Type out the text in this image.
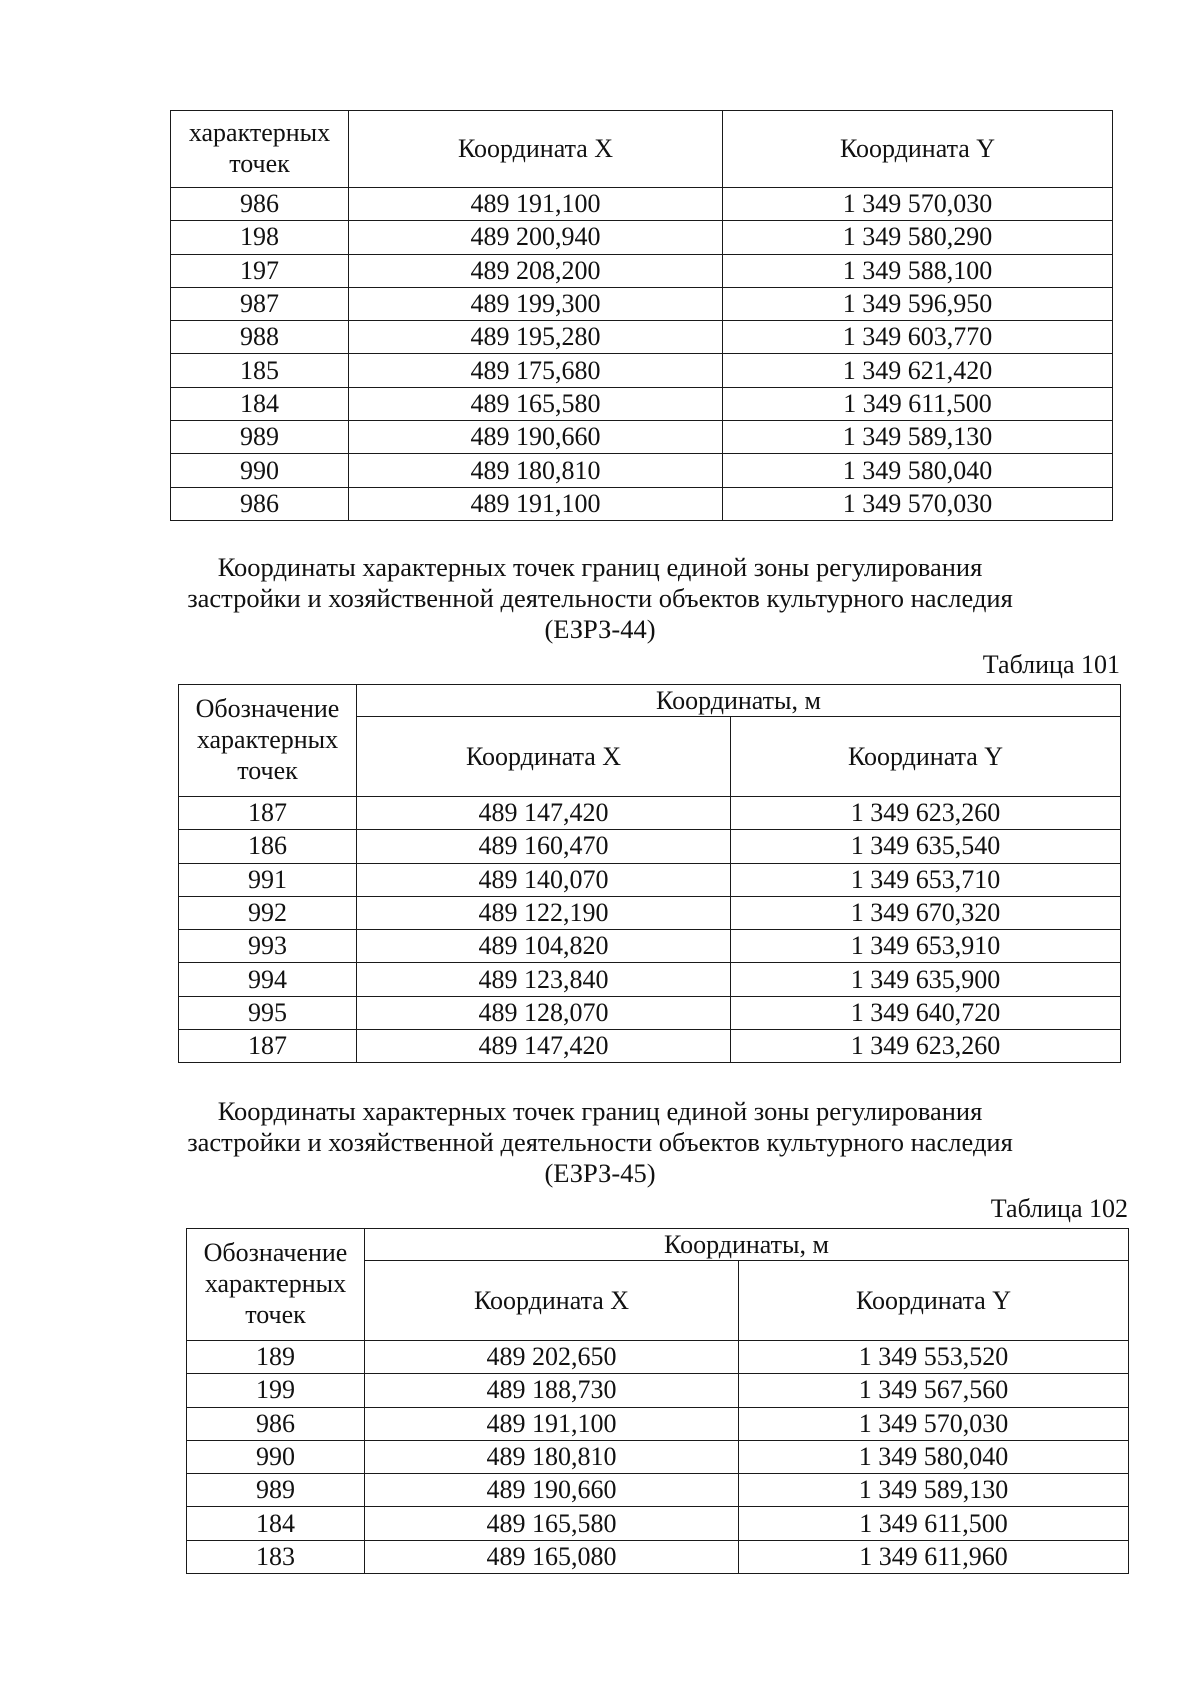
характерных
точек	Координата X	Координата Y
986	489 191,100	1 349 570,030
198	489 200,940	1 349 580,290
197	489 208,200	1 349 588,100
987	489 199,300	1 349 596,950
988	489 195,280	1 349 603,770
185	489 175,680	1 349 621,420
184	489 165,580	1 349 611,500
989	489 190,660	1 349 589,130
990	489 180,810	1 349 580,040
986	489 191,100	1 349 570,030
Координаты характерных точек границ единой зоны регулирования
застройки и хозяйственной деятельности объектов культурного наследия
(ЕЗРЗ-44)
Таблица 101
Обозначение
характерных
точек	Координаты, м	
	Координата X	Координата Y
187	489 147,420	1 349 623,260
186	489 160,470	1 349 635,540
991	489 140,070	1 349 653,710
992	489 122,190	1 349 670,320
993	489 104,820	1 349 653,910
994	489 123,840	1 349 635,900
995	489 128,070	1 349 640,720
187	489 147,420	1 349 623,260
Координаты характерных точек границ единой зоны регулирования
застройки и хозяйственной деятельности объектов культурного наследия
(ЕЗРЗ-45)
Таблица 102
Обозначение
характерных
точек	Координаты, м	
	Координата X	Координата Y
189	489 202,650	1 349 553,520
199	489 188,730	1 349 567,560
986	489 191,100	1 349 570,030
990	489 180,810	1 349 580,040
989	489 190,660	1 349 589,130
184	489 165,580	1 349 611,500
183	489 165,080	1 349 611,960
